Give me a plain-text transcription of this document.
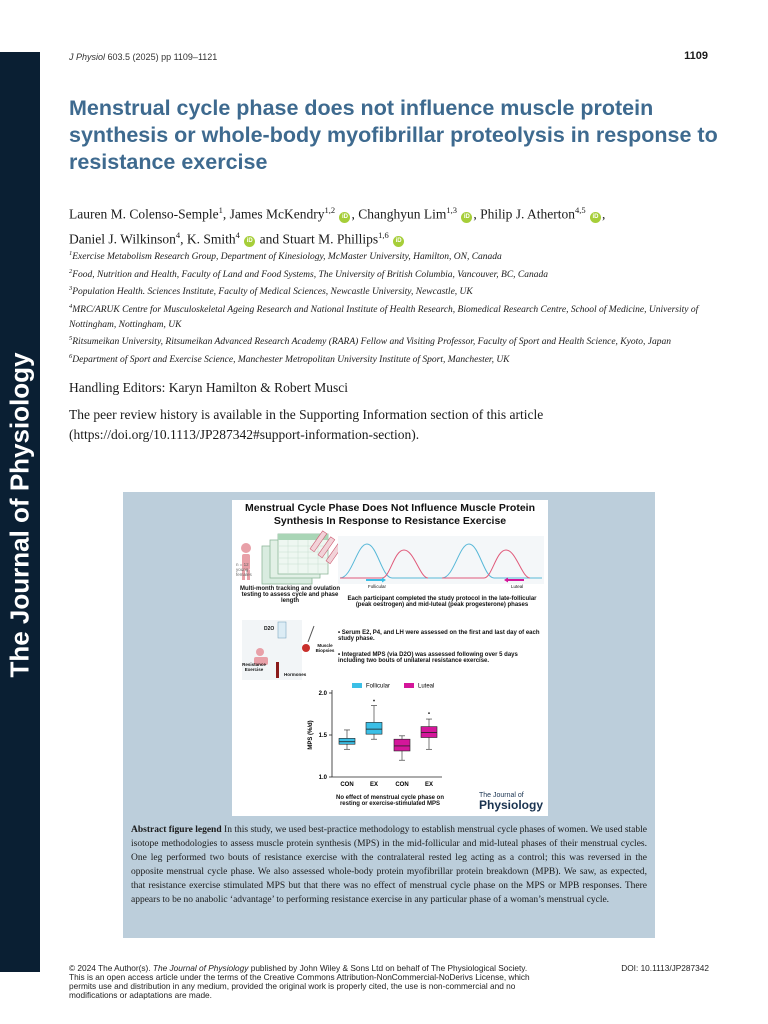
The Journal of Physiology
J Physiol 603.5 (2025) pp 1109–1121	1109
Menstrual cycle phase does not influence muscle protein synthesis or whole-body myofibrillar proteolysis in response to resistance exercise
Lauren M. Colenso-Semple$^1$, James McKendry$^{1,2}$ iD , Changhyun Lim$^{1,3}$ iD , Philip J. Atherton$^{4,5}$ iD ,
Daniel J. Wilkinson$^4$, K. Smith$^4$ iD and Stuart M. Phillips$^{1,6}$ iD
$^1$Exercise Metabolism Research Group, Department of Kinesiology, McMaster University, Hamilton, ON, Canada
$^2$Food, Nutrition and Health, Faculty of Land and Food Systems, The University of British Columbia, Vancouver, BC, Canada
$^3$Population Health. Sciences Institute, Faculty of Medical Sciences, Newcastle University, Newcastle, UK
$^4$MRC/ARUK Centre for Musculoskeletal Ageing Research and National Institute of Health Research, Biomedical Research Centre, School of Medicine, University of Nottingham, Nottingham, UK
$^5$Ritsumeikan University, Ritsumeikan Advanced Research Academy (RARA) Fellow and Visiting Professor, Faculty of Sport and Health Science, Kyoto, Japan
$^6$Department of Sport and Exercise Science, Manchester Metropolitan University Institute of Sport, Manchester, UK
Handling Editors: Karyn Hamilton & Robert Musci
The peer review history is available in the Supporting Information section of this article
(https://doi.org/10.1113/JP287342#support-information-section).
1.0
1.5
2.0
MPS (%/d)
Follicular	Luteal
CON	EX	CON	EX
Menstrual Cycle Phase Does Not Influence Muscle Protein
Synthesis In Response to Resistance Exercise
n = 12 young females
Multi-month tracking and ovulation testing to assess cycle and phase length
Follicular	Luteal
Each participant completed the study protocol in the late-follicular (peak oestrogen) and mid-luteal (peak progesterone) phases
D2O
Muscle Biopsies
Resistance Exercise
Hormones
• Serum E2, P4, and LH were assessed on the first and last day of each study phase.
• Integrated MPS (via D2O) was assessed following over 5 days including two bouts of unilateral resistance exercise.
No effect of menstrual cycle phase on
resting or exercise-stimulated MPS
The Journal of
Physiology
Abstract figure legend In this study, we used best-practice methodology to establish menstrual cycle phases of women. We used stable isotope methodologies to assess muscle protein synthesis (MPS) in the mid-follicular and mid-luteal phases of their menstrual cycles. One leg performed two bouts of resistance exercise with the contralateral rested leg acting as a control; this was reversed in the opposite menstrual cycle phase. We also assessed whole-body protein myofibrillar protein breakdown (MPB). We saw, as expected, that resistance exercise stimulated MPS but that there was no effect of menstrual cycle phase on the MPS or MPB responses. There appears to be no anabolic ‘advantage’ to performing resistance exercise in any particular phase of a woman’s menstrual cycle.
© 2024 The Author(s). The Journal of Physiology published by John Wiley & Sons Ltd on behalf of The Physiological Society.	DOI: 10.1113/JP287342
This is an open access article under the terms of the Creative Commons Attribution-NonCommercial-NoDerivs License, which permits use and distribution in any medium, provided the original work is properly cited, the use is non-commercial and no modifications or adaptations are made.
